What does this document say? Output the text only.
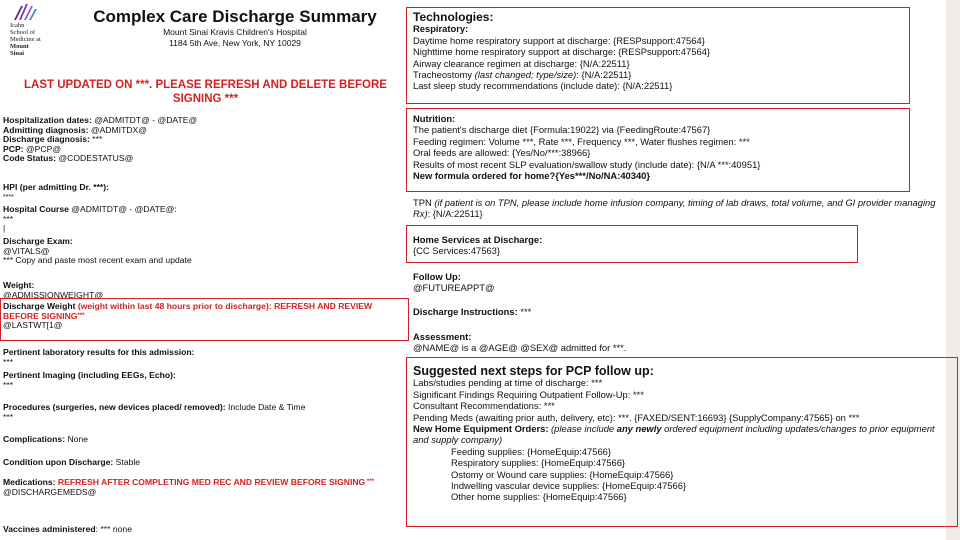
Icahn
School of
Medicine at
Mount
Sinai
Complex Care Discharge Summary
Mount Sinai Kravis Children's Hospital
1184 5th Ave, New York, NY 10029
LAST UPDATED ON ***. PLEASE REFRESH AND DELETE BEFORE SIGNING ***
Hospitalization dates: @ADMITDT@ - @DATE@
Admitting diagnosis: @ADMITDX@
Discharge diagnosis: ***
PCP: @PCP@
Code Status: @CODESTATUS@
HPI (per admitting Dr. ***):
****
Hospital Course @ADMITDT@ - @DATE@:
***
|
Discharge Exam:
@VITALS@
*** Copy and paste most recent exam and update
Weight:
@ADMISSIONWEIGHT@
Discharge Weight (weight within last 48 hours prior to discharge): REFRESH AND REVIEW BEFORE SIGNING***
@LASTWT[1@
Pertinent laboratory results for this admission:
***
Pertinent Imaging (including EEGs, Echo):
***
Procedures (surgeries, new devices placed/ removed): Include Date & Time
***
Complications: None
Condition upon Discharge: Stable
Medications: REFRESH AFTER COMPLETING MED REC AND REVIEW BEFORE SIGNING ***
@DISCHARGEMEDS@
Vaccines administered: *** none
Technologies:
Respiratory:
Daytime home respiratory support at discharge: {RESPsupport:47564}
Nighttime home respiratory support at discharge: {RESPsupport:47564}
Airway clearance regimen at discharge: {N/A:22511}
Tracheostomy (last changed; type/size): {N/A:22511}
Last sleep study recommendations (include date): {N/A:22511}
Nutrition:
The patient's discharge diet {Formula:19022} via {FeedingRoute:47567}
Feeding regimen: Volume ***, Rate ***, Frequency ***, Water flushes regimen: ***
Oral feeds are allowed: {Yes/No/***:38966}
Results of most recent SLP evaluation/swallow study (include date): {N/A ***:40951}
New formula ordered for home?{Yes***/No/NA:40340}
TPN (if patient is on TPN, please include home infusion company, timing of lab draws, total volume, and GI provider managing Rx): {N/A:22511}
Home Services at Discharge:
{CC Services:47563}
Follow Up:
@FUTUREAPPT@
Discharge Instructions: ***
Assessment:
@NAME@ is a @AGE@ @SEX@ admitted for ***.
Suggested next steps for PCP follow up:
Labs/studies pending at time of discharge: ***
Significant Findings Requiring Outpatient Follow-Up: ***
Consultant Recommendations: ***
Pending Meds (awaiting prior auth, delivery, etc): ***. {FAXED/SENT:16693} {SupplyCompany:47565} on ***
New Home Equipment Orders: (please include any newly ordered equipment including updates/changes to prior equipment and supply company)
Feeding supplies: {HomeEquip:47566}
Respiratory supplies: {HomeEquip:47566}
Ostomy or Wound care supplies: {HomeEquip:47566}
Indwelling vascular device supplies: {HomeEquip:47566}
Other home supplies: {HomeEquip:47566}
